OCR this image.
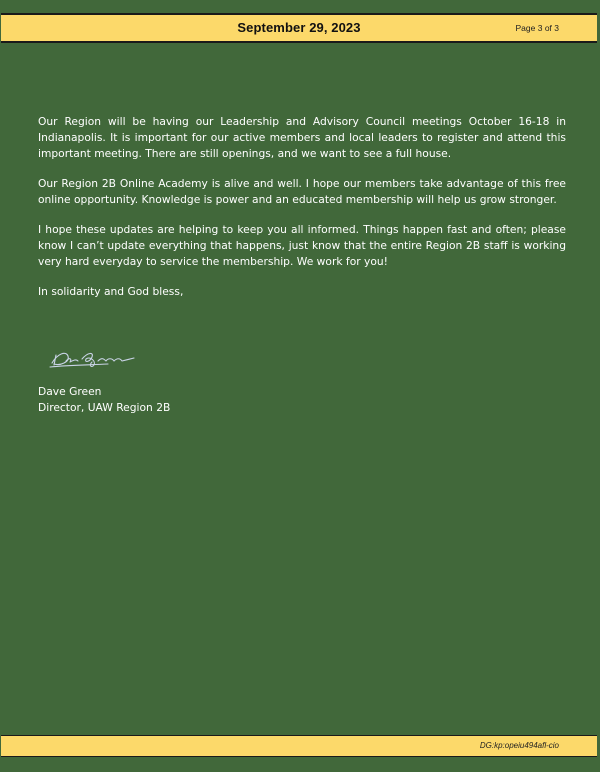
September 29, 2023	Page 3 of 3

Our Region will be having our Leadership and Advisory Council meetings October 16-18 in Indianapolis. It is important for our active members and local leaders to register and attend this important meeting. There are still openings, and we want to see a full house.

Our Region 2B Online Academy is alive and well. I hope our members take advantage of this free online opportunity. Knowledge is power and an educated membership will help us grow stronger.

I hope these updates are helping to keep you all informed. Things happen fast and often; please know I can’t update everything that happens, just know that the entire Region 2B staff is working very hard everyday to service the membership. We work for you!

In solidarity and God bless,

Dave Green
Director, UAW Region 2B
DG:kp:opeiu494afl-cio
